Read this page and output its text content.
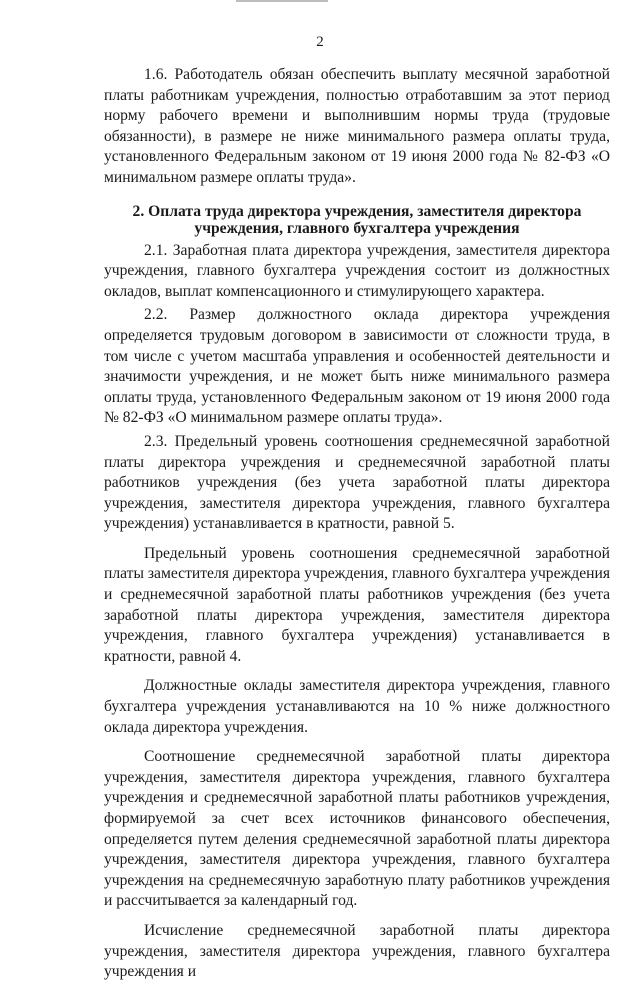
2

1.6. Работодатель обязан обеспечить выплату месячной заработной платы работникам учреждения, полностью отработавшим за этот период норму рабочего времени и выполнившим нормы труда (трудовые обязанности), в размере не ниже минимального размера оплаты труда, установленного Федеральным законом от 19 июня 2000 года № 82-ФЗ «О минимальном размере оплаты труда».

2. Оплата труда директора учреждения, заместителя директора учреждения, главного бухгалтера учреждения

2.1. Заработная плата директора учреждения, заместителя директора учреждения, главного бухгалтера учреждения состоит из должностных окладов, выплат компенсационного и стимулирующего характера.

2.2. Размер должностного оклада директора учреждения определяется трудовым договором в зависимости от сложности труда, в том числе с учетом масштаба управления и особенностей деятельности и значимости учреждения, и не может быть ниже минимального размера оплаты труда, установленного Федеральным законом от 19 июня 2000 года № 82-ФЗ «О минимальном размере оплаты труда».

2.3. Предельный уровень соотношения среднемесячной заработной платы директора учреждения и среднемесячной заработной платы работников учреждения (без учета заработной платы директора учреждения, заместителя директора учреждения, главного бухгалтера учреждения) устанавливается в кратности, равной 5.

Предельный уровень соотношения среднемесячной заработной платы заместителя директора учреждения, главного бухгалтера учреждения и среднемесячной заработной платы работников учреждения (без учета заработной платы директора учреждения, заместителя директора учреждения, главного бухгалтера учреждения) устанавливается в кратности, равной 4.

Должностные оклады заместителя директора учреждения, главного бухгалтера учреждения устанавливаются на 10 % ниже должностного оклада директора учреждения.

Соотношение среднемесячной заработной платы директора учреждения, заместителя директора учреждения, главного бухгалтера учреждения и среднемесячной заработной платы работников учреждения, формируемой за счет всех источников финансового обеспечения, определяется путем деления среднемесячной заработной платы директора учреждения, заместителя директора учреждения, главного бухгалтера учреждения на среднемесячную заработную плату работников учреждения и рассчитывается за календарный год.

Исчисление среднемесячной заработной платы директора учреждения, заместителя директора учреждения, главного бухгалтера учреждения и
